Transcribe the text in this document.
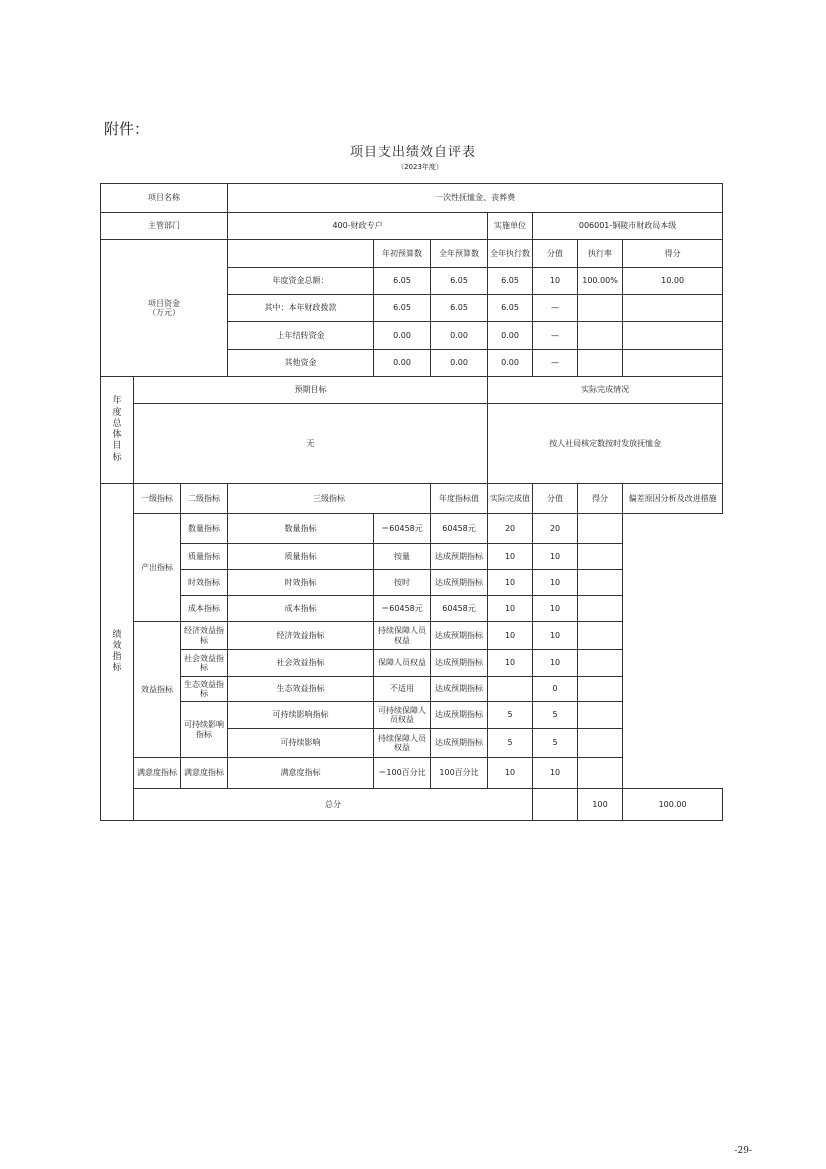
附件：
项目支出绩效自评表
（2023年度）
项目名称			一次性抚恤金、丧葬费							
主管部门			400-财政专户			实施单位	006001-铜陵市财政局本级			
项目资金
（万元）				年初预算数	全年预算数	全年执行数	分值	执行率	得分	
			年度资金总额：	6.05	6.05	6.05	10	100.00%	10.00	
			其中：本年财政拨款	6.05	6.05	6.05	—			
			上年结转资金	0.00	0.00	0.00	—			
			其他资金	0.00	0.00	0.00	—			
年度总体目标	预期目标					实际完成情况				
	无					按人社局核定数按时发放抚恤金				
绩效指标	一级指标	二级指标	三级指标		年度指标值	实际完成值	分值	得分	偏差原因分析及改进措施	
	产出指标	数量指标	数量指标	＝60458元	60458元	20	20			
		质量指标	质量指标	按量	达成预期指标	10	10			
		时效指标	时效指标	按时	达成预期指标	10	10			
		成本指标	成本指标	＝60458元	60458元	10	10			
	效益指标	经济效益指标	经济效益指标	持续保障人员权益	达成预期指标	10	10			
		社会效益指标	社会效益指标	保障人员权益	达成预期指标	10	10			
		生态效益指标	生态效益指标	不适用	达成预期指标		0			
		可持续影响指标	可持续影响指标	可持续保障人员权益	达成预期指标	5	5			
			可持续影响	持续保障人员权益	达成预期指标	5	5			
	满意度指标	满意度指标	满意度指标	＝100百分比	100百分比	10	10			
	总分							100	100.00	
-29-
